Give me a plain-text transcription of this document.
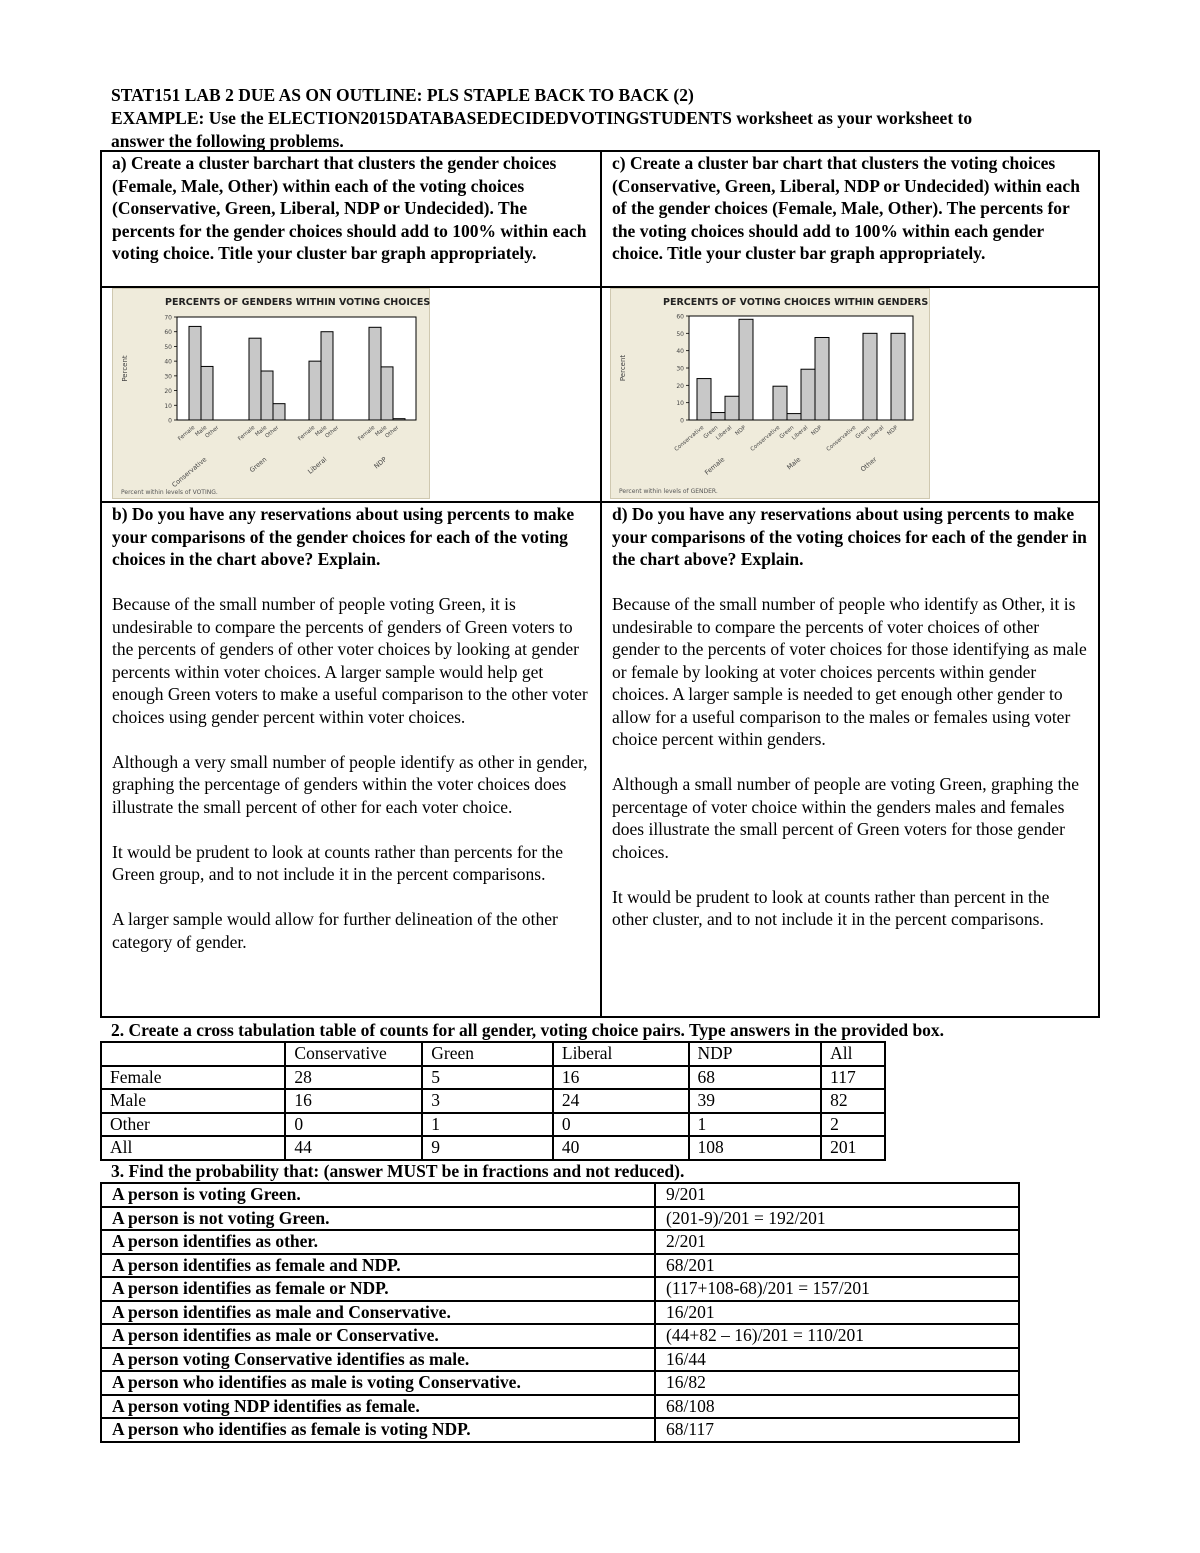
STAT151 LAB 2 DUE AS ON OUTLINE: PLS STAPLE BACK TO BACK (2)
EXAMPLE: Use the ELECTION2015DATABASEDECIDEDVOTINGSTUDENTS worksheet as your worksheet to
answer the following problems.
a) Create a cluster barchart that clusters the gender choices (Female, Male, Other) within each of the voting choices (Conservative, Green, Liberal, NDP or Undecided). The percents for the gender choices should add to 100% within each voting choice. Title your cluster bar graph appropriately.
c) Create a cluster bar chart that clusters the voting choices (Conservative, Green, Liberal, NDP or Undecided) within each of the gender choices (Female, Male, Other). The percents for the voting choices should add to 100% within each gender choice. Title your cluster bar graph appropriately.
PERCENTS OF GENDERS WITHIN VOTING CHOICES
Percent
0
10
20
30
40
50
60
70
Female
Male
Other	Female
Male
Other	Female
Male
Other	Female
Male
Other
Conservative	Green	Liberal	NDP
Percent within levels of VOTING.
PERCENTS OF VOTING CHOICES WITHIN GENDERS
Percent
0
10
20
30
40
50
60
Conservative
Green
Liberal NDP Conservative
Green
Liberal NDP Conservative
Green
Liberal NDP
Female	Male	Other
Percent within levels of GENDER.
b) Do you have any reservations about using percents to make your comparisons of the gender choices for each of the voting choices in the chart above? Explain.

Because of the small number of people voting Green, it is undesirable to compare the percents of genders of Green voters to the percents of genders of other voter choices by looking at gender percents within voter choices. A larger sample would help get enough Green voters to make a useful comparison to the other voter choices using gender percent within voter choices.

Although a very small number of people identify as other in gender, graphing the percentage of genders within the voter choices does illustrate the small percent of other for each voter choice.

It would be prudent to look at counts rather than percents for the Green group, and to not include it in the percent comparisons.

A larger sample would allow for further delineation of the other category of gender.

d) Do you have any reservations about using percents to make your comparisons of the voting choices for each of the gender in the chart above? Explain.

Because of the small number of people who identify as Other, it is undesirable to compare the percents of voter choices of other gender to the percents of voter choices for those identifying as male or female by looking at voter choices percents within gender choices. A larger sample is needed to get enough other gender to allow for a useful comparison to the males or females using voter choice percent within genders.

Although a small number of people are voting Green, graphing the percentage of voter choice within the genders males and females does illustrate the small percent of Green voters for those gender choices.

It would be prudent to look at counts rather than percent in the other cluster, and to not include it in the percent comparisons.

2. Create a cross tabulation table of counts for all gender, voting choice pairs. Type answers in the provided box.
	Conservative	Green	Liberal	NDP	All
Female	28	5	16	68	117
Male	16	3	24	39	82
Other	0	1	0	1	2
All	44	9	40	108	201
3. Find the probability that: (answer MUST be in fractions and not reduced).
A person is voting Green.	9/201
A person is not voting Green.	(201-9)/201 = 192/201
A person identifies as other.	2/201
A person identifies as female and NDP.	68/201
A person identifies as female or NDP.	(117+108-68)/201 = 157/201
A person identifies as male and Conservative.	16/201
A person identifies as male or Conservative.	(44+82 – 16)/201 = 110/201
A person voting Conservative identifies as male.	16/44
A person who identifies as male is voting Conservative.	16/82
A person voting NDP identifies as female.	68/108
A person who identifies as female is voting NDP.	68/117
